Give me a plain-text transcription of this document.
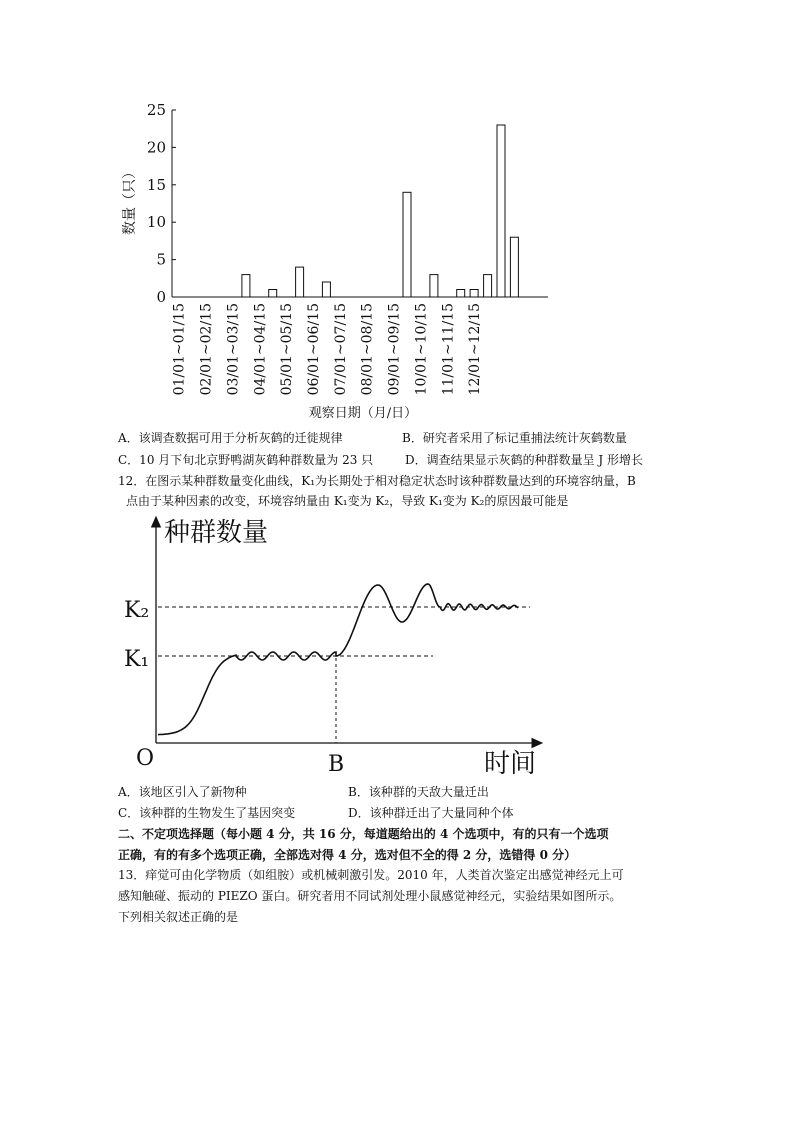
01/01~01/15 02/01~02/15 03/01~03/15 04/01~04/15 05/01~05/15 06/01~06/15 07/01~07/15 08/01~08/15 09/01~09/15 10/01~10/15 11/01~11/15 12/01~12/15
0
5
10
15
20
25
数量（只）
观察日期（月/日）
A．该调查数据可用于分析灰鹤的迁徙规律	B．研究者采用了标记重捕法统计灰鹤数量
C．10 月下旬北京野鸭湖灰鹤种群数量为 23 只	D．调查结果显示灰鹤的种群数量呈 J 形增长
12．在图示某种群数量变化曲线，K₁为长期处于相对稳定状态时该种群数量达到的环境容纳量，B
点由于某种因素的改变，环境容纳量由 K₁变为 K₂，导致 K₁变为 K₂的原因最可能是
种群数量
时间
O
K₂
K₁
B
A．该地区引入了新物种	B．该种群的天敌大量迁出
C．该种群的生物发生了基因突变	D．该种群迁出了大量同种个体
二、不定项选择题（每小题 4 分，共 16 分，每道题给出的 4 个选项中，有的只有一个选项
正确，有的有多个选项正确，全部选对得 4 分，选对但不全的得 2 分，选错得 0 分）
13．痒觉可由化学物质（如组胺）或机械刺激引发。2010 年，人类首次鉴定出感觉神经元上可
感知触碰、振动的 PIEZO 蛋白。研究者用不同试剂处理小鼠感觉神经元，实验结果如图所示。
下列相关叙述正确的是
